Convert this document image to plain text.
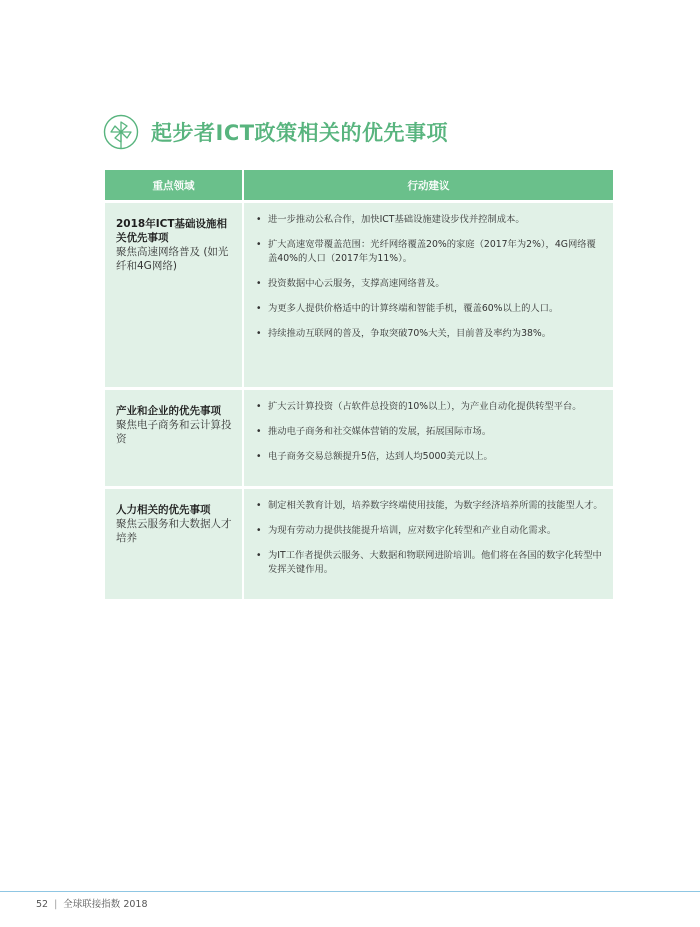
起步者ICT政策相关的优先事项
重点领域	行动建议
2018年ICT基础设施相关优先事项
聚焦高速网络普及 (如光纤和4G网络)
• 进一步推动公私合作，加快ICT基础设施建设步伐并控制成本。
• 扩大高速宽带覆盖范围：光纤网络覆盖20%的家庭（2017年为2%），4G网络覆盖40%的人口（2017年为11%）。
• 投资数据中心云服务，支撑高速网络普及。
• 为更多人提供价格适中的计算终端和智能手机，覆盖60%以上的人口。
• 持续推动互联网的普及，争取突破70%大关，目前普及率约为38%。
产业和企业的优先事项
聚焦电子商务和云计算投资
• 扩大云计算投资（占软件总投资的10%以上），为产业自动化提供转型平台。
• 推动电子商务和社交媒体营销的发展，拓展国际市场。
• 电子商务交易总额提升5倍，达到人均5000美元以上。
人力相关的优先事项
聚焦云服务和大数据人才培养
• 制定相关教育计划，培养数字终端使用技能，为数字经济培养所需的技能型人才。
• 为现有劳动力提供技能提升培训，应对数字化转型和产业自动化需求。
• 为IT工作者提供云服务、大数据和物联网进阶培训。他们将在各国的数字化转型中发挥关键作用。
52 | 全球联接指数 2018
